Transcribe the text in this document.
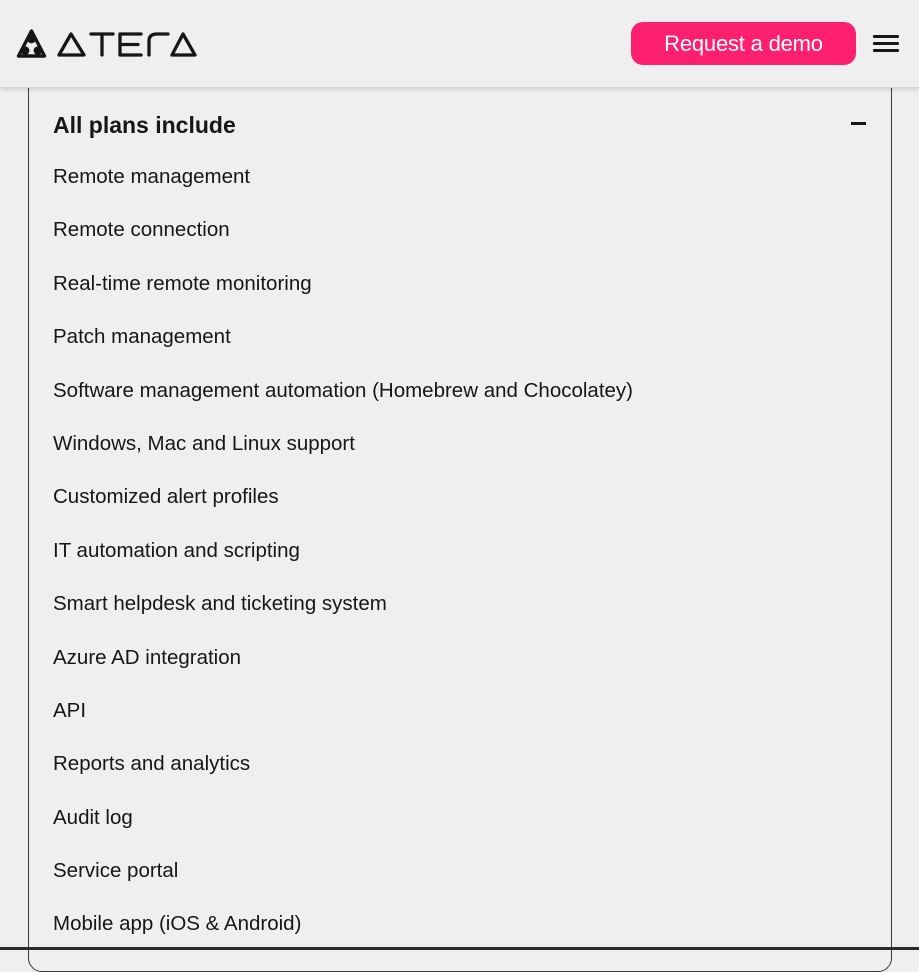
Request a demo
All plans include
Remote management
Remote connection
Real-time remote monitoring
Patch management
Software management automation (Homebrew and Chocolatey)
Windows, Mac and Linux support
Customized alert profiles
IT automation and scripting
Smart helpdesk and ticketing system
Azure AD integration
API
Reports and analytics
Audit log
Service portal
Mobile app (iOS & Android)
